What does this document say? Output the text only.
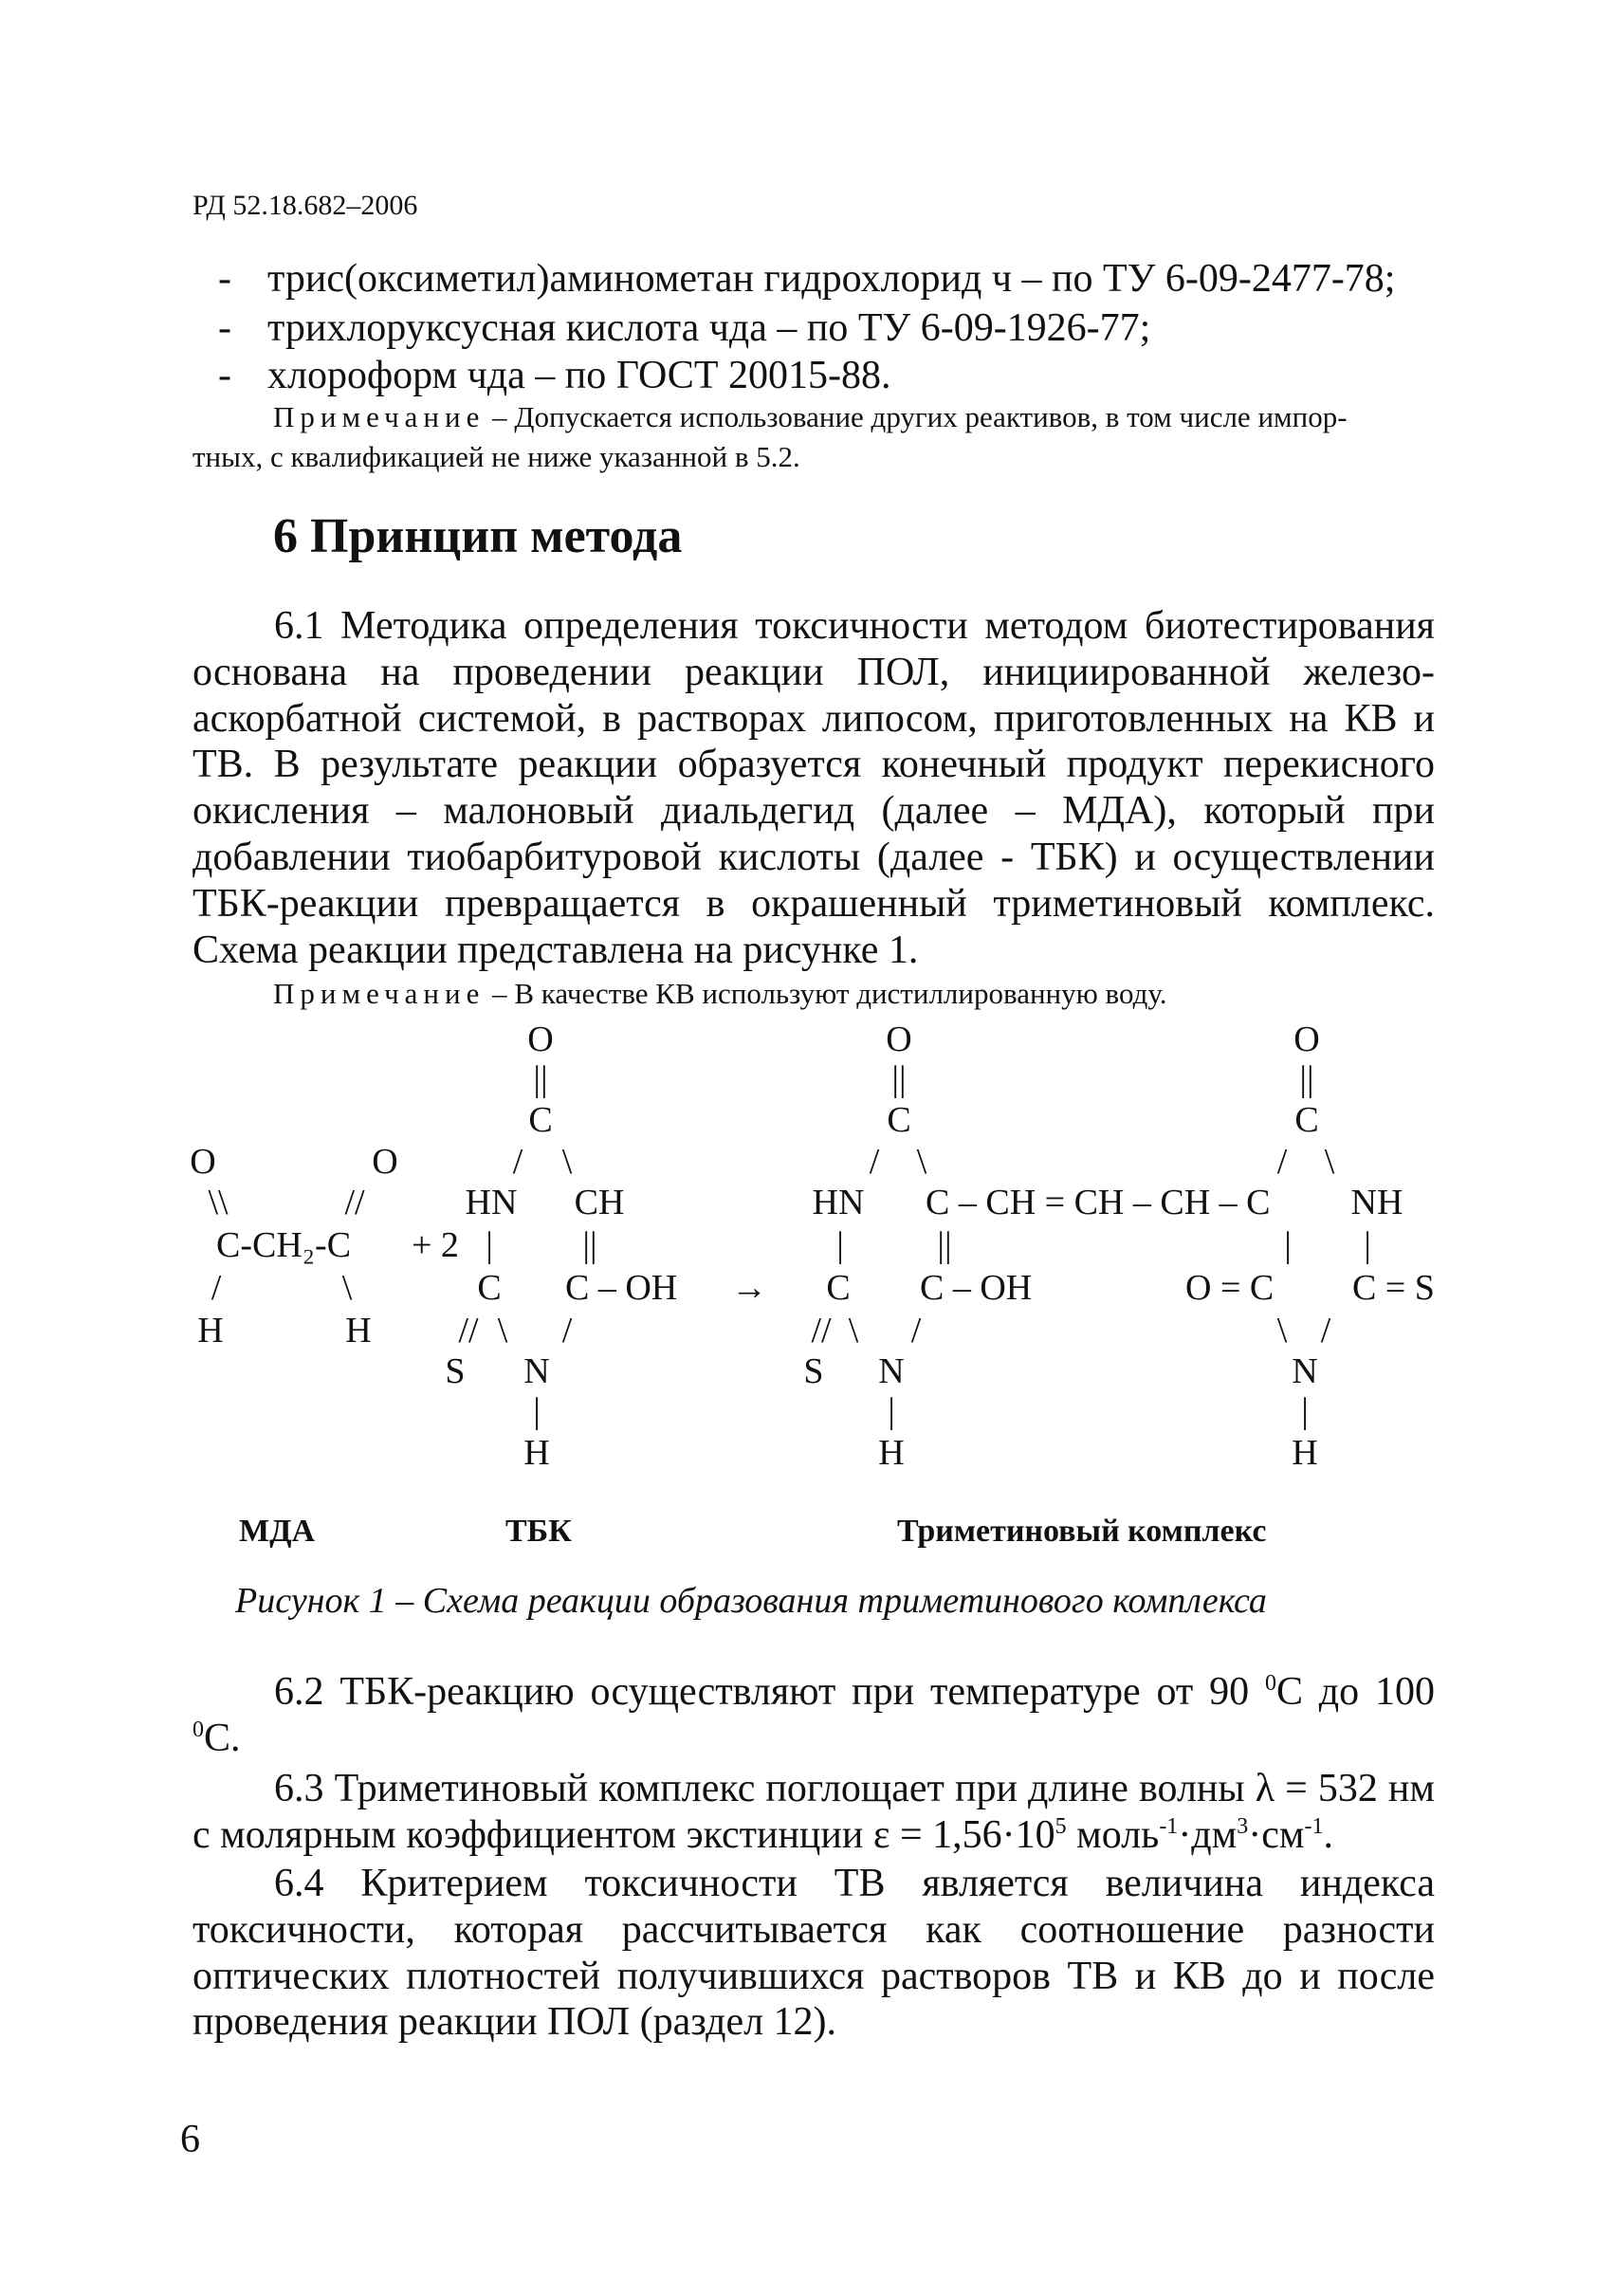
РД 52.18.682–2006
- трис(оксиметил)аминометан гидрохлорид ч – по ТУ 6-09-2477-78;
- трихлоруксусная кислота чда – по ТУ 6-09-1926-77;
- хлороформ чда – по ГОСТ 20015-88.
Примечание – Допускается использование других реактивов, в том числе импор-
тных, с квалификацией не ниже указанной в 5.2.
6 Принцип метода
6.1 Методика определения токсичности методом биотестирования основана на проведении реакции ПОЛ, инициированной железо-аскорбатной системой, в растворах липосом, приготовленных на КВ и ТВ. В результате реакции образуется конечный продукт перекисного окисления – малоновый диальдегид (далее – МДА), который при добавлении тиобарбитуровой кислоты (далее - ТБК) и осуществлении ТБК-реакции превращается в окрашенный триметиновый комплекс. Схема реакции представлена на рисунке 1.
Примечание – В качестве КВ используют дистиллированную воду.
O	O	O
||	||	||
C	C	C
O	O	/ \	/ \	/ \
\\	//	HN CH	HN C – CH = CH – CH – C NH
C-CH₂-C + 2 | ||	|	||	| |
/	\	C C – OH → C C – OH	O = C C = S
H	H // \ /	// \ /	\ /
S N	S N	N
|	|	|
H	H	H
МДА	ТБК	Триметиновый комплекс
Рисунок 1 – Схема реакции образования триметинового комплекса
6.2 ТБК-реакцию осуществляют при температуре от 90 $^0$С до 100 $^0$С.
6.3 Триметиновый комплекс поглощает при длине волны λ = 532 нм с молярным коэффициентом экстинции $\varepsilon = 1,56\cdot 10^5$ $моль^{-1}\cdot дм^3\cdot см^{-1}$.
6.4 Критерием токсичности ТВ является величина индекса токсичности, которая рассчитывается как соотношение разности оптических плотностей получившихся растворов ТВ и КВ до и после проведения реакции ПОЛ (раздел 12).
6
